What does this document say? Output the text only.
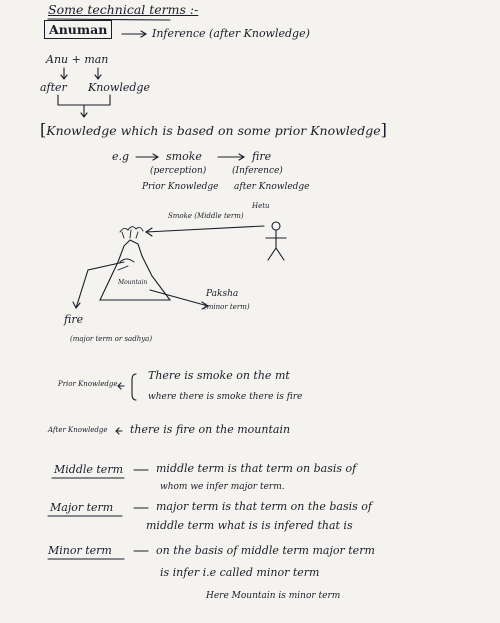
Some technical terms :-
Anuman	Inference (after Knowledge)
Anu + man
after Knowledge
[Knowledge which is based on some prior Knowledge]
e.g	smoke	fire
(perception)	(Inference)
Prior Knowledge after Knowledge
Hetu
Smoke (Middle term)
Mountain
Paksha
(minor term)
fire
(major term or sadhya)
Prior Knowledge
There is smoke on the mt
where there is smoke there is fire
After Knowledge there is fire on the mountain
Middle term	middle term is that term on basis of
whom we infer major term.
Major term	major term is that term on the basis of
middle term what is is infered that is
Minor term	on the basis of middle term major term
is infer i.e called minor term
Here Mountain is minor term
